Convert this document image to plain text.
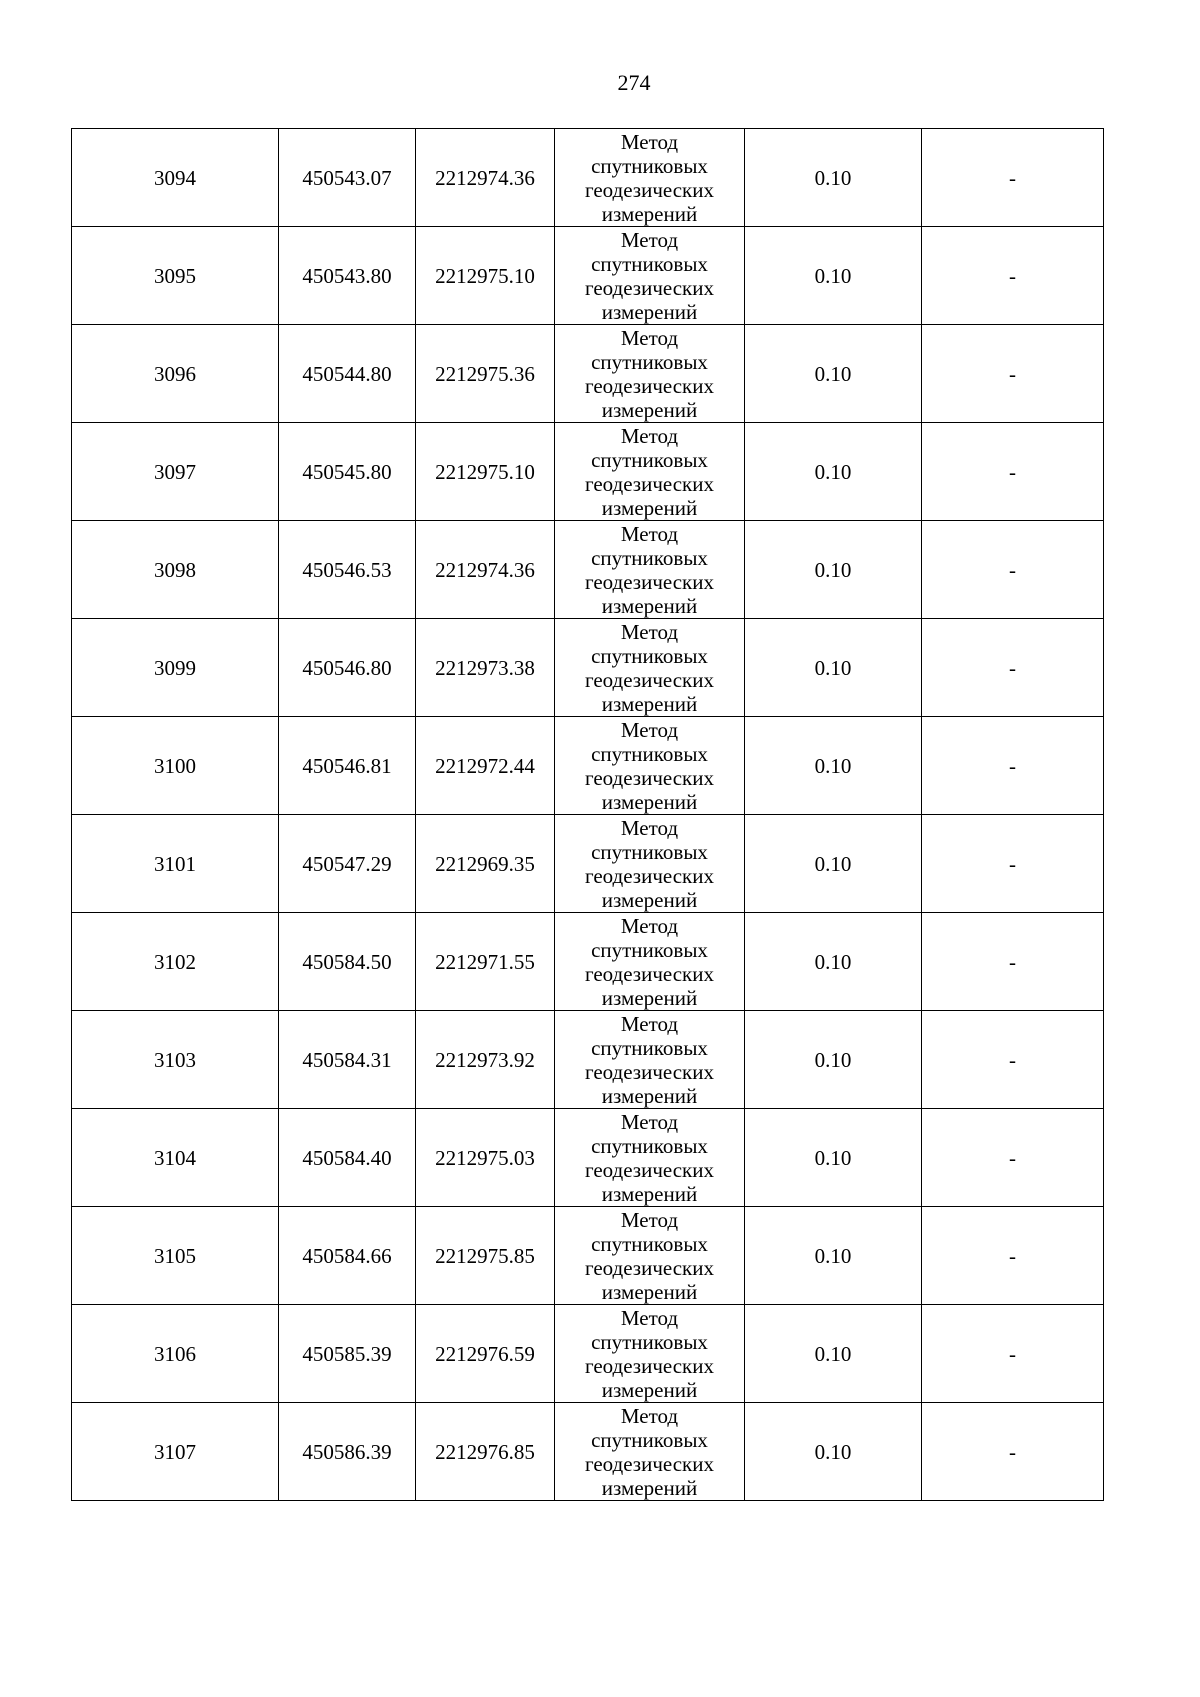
274
3094	450543.07	2212974.36	Метод
спутниковых
геодезических
измерений	0.10	-
3095	450543.80	2212975.10	Метод
спутниковых
геодезических
измерений	0.10	-
3096	450544.80	2212975.36	Метод
спутниковых
геодезических
измерений	0.10	-
3097	450545.80	2212975.10	Метод
спутниковых
геодезических
измерений	0.10	-
3098	450546.53	2212974.36	Метод
спутниковых
геодезических
измерений	0.10	-
3099	450546.80	2212973.38	Метод
спутниковых
геодезических
измерений	0.10	-
3100	450546.81	2212972.44	Метод
спутниковых
геодезических
измерений	0.10	-
3101	450547.29	2212969.35	Метод
спутниковых
геодезических
измерений	0.10	-
3102	450584.50	2212971.55	Метод
спутниковых
геодезических
измерений	0.10	-
3103	450584.31	2212973.92	Метод
спутниковых
геодезических
измерений	0.10	-
3104	450584.40	2212975.03	Метод
спутниковых
геодезических
измерений	0.10	-
3105	450584.66	2212975.85	Метод
спутниковых
геодезических
измерений	0.10	-
3106	450585.39	2212976.59	Метод
спутниковых
геодезических
измерений	0.10	-
3107	450586.39	2212976.85	Метод
спутниковых
геодезических
измерений	0.10	-
